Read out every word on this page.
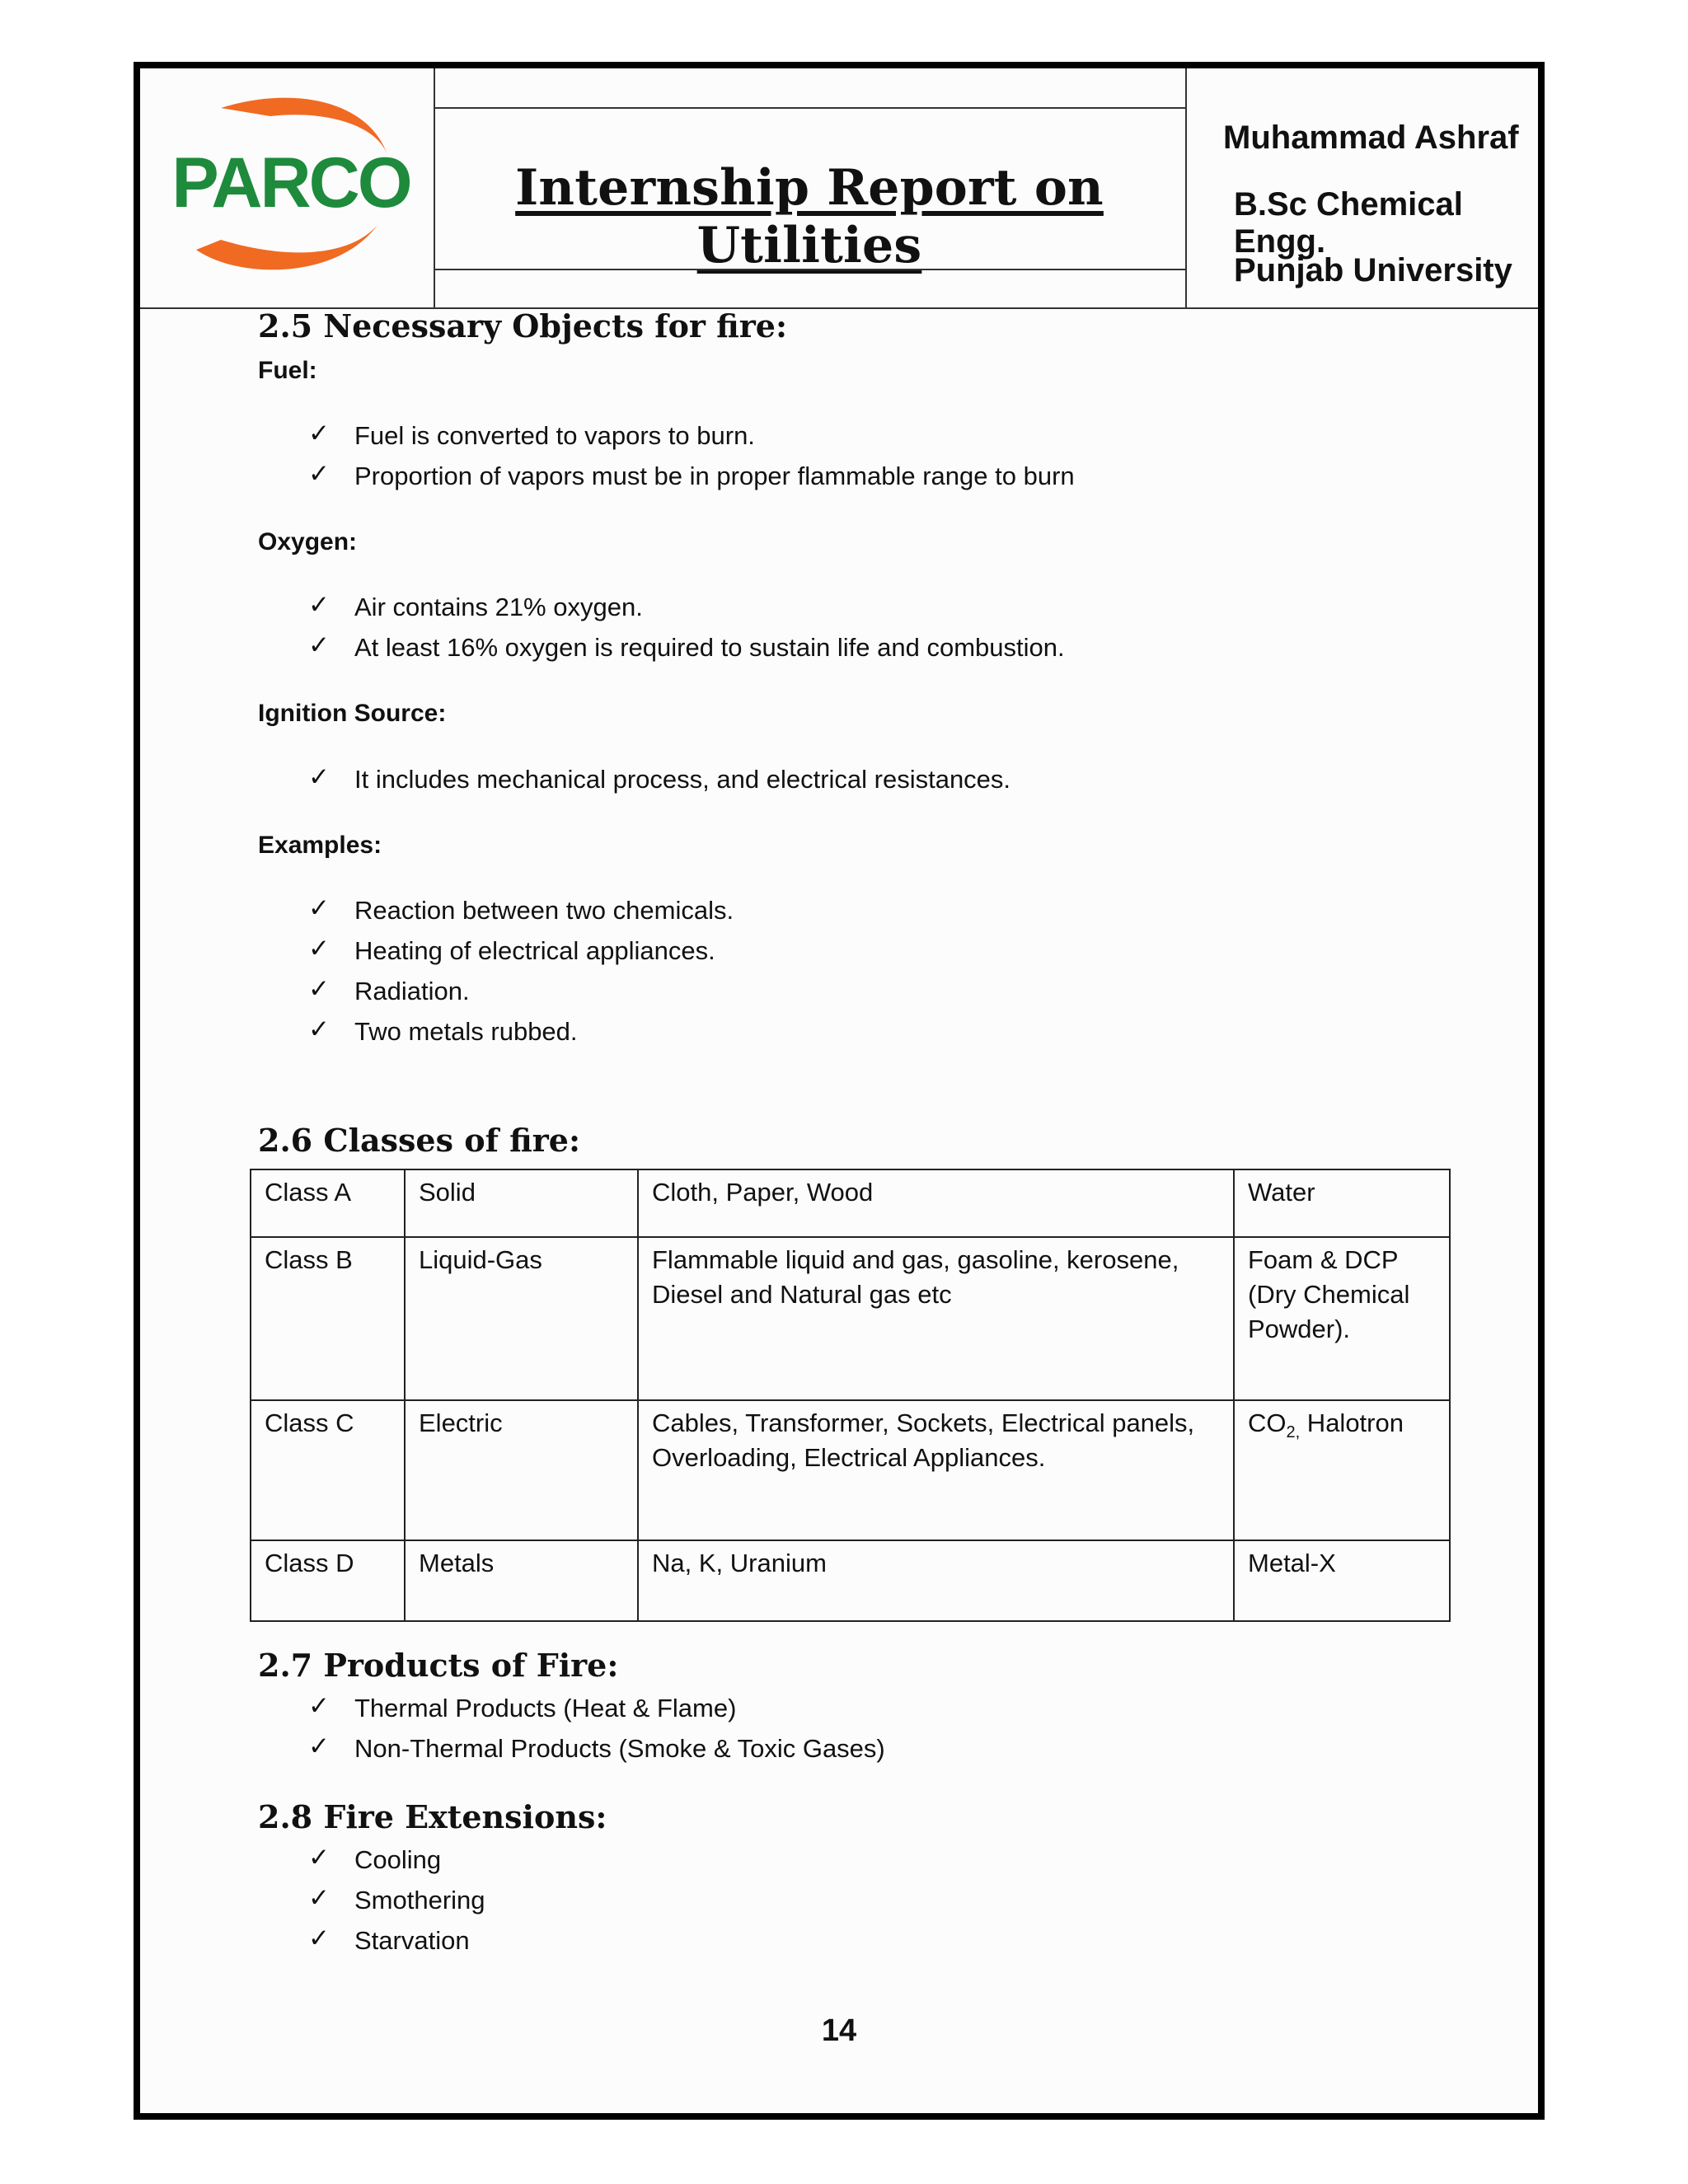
PARCO	Internship Report on Utilities
Muhammad Ashraf
B.Sc Chemical Engg.
Punjab University
2.5 Necessary Objects for fire:
Fuel:
✓ Fuel is converted to vapors to burn.
✓ Proportion of vapors must be in proper flammable range to burn
Oxygen:
✓ Air contains 21% oxygen.
✓ At least 16% oxygen is required to sustain life and combustion.
Ignition Source:
✓ It includes mechanical process, and electrical resistances.
Examples:
✓ Reaction between two chemicals.
✓ Heating of electrical appliances.
✓ Radiation.
✓ Two metals rubbed.
2.6 Classes of fire:
Class A	Solid	Cloth, Paper, Wood	Water
Class B	Liquid-Gas	Flammable liquid and gas, gasoline, kerosene, Diesel and Natural gas etc	Foam & DCP (Dry Chemical Powder).
Class C	Electric	Cables, Transformer, Sockets, Electrical panels, Overloading, Electrical Appliances.	$CO_{2,}$ Halotron
Class D	Metals	Na, K, Uranium	Metal-X
2.7 Products of Fire:
✓ Thermal Products (Heat & Flame)
✓ Non-Thermal Products (Smoke & Toxic Gases)
2.8 Fire Extensions:
✓ Cooling
✓ Smothering
✓ Starvation
14
